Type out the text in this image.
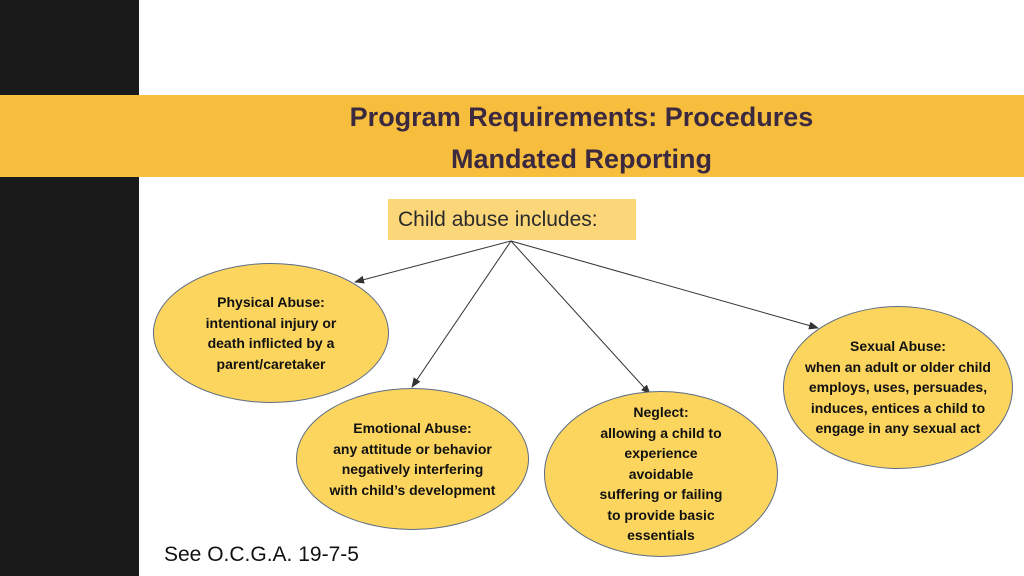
Program Requirements: Procedures
Mandated Reporting
Child abuse includes:
Physical Abuse:
intentional injury or
death inflicted by a
parent/caretaker
Emotional Abuse:
any attitude or behavior
negatively interfering
with child’s development
Neglect:
allowing a child to
experience
avoidable
suffering or failing
to provide basic
essentials
Sexual Abuse:
when an adult or older child
employs, uses, persuades,
induces, entices a child to
engage in any sexual act
See O.C.G.A. 19-7-5
